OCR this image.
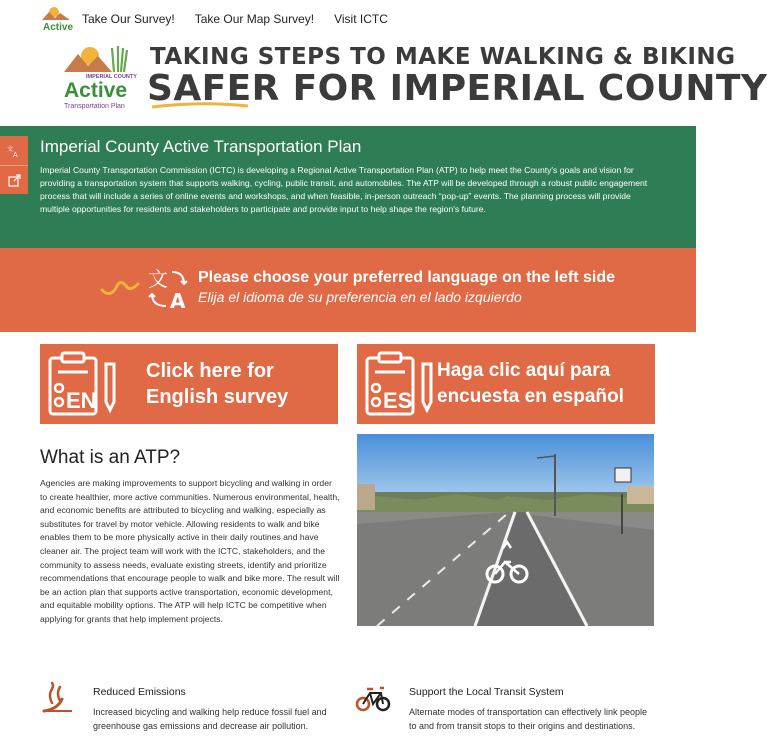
Active
Take Our Survey! Take Our Map Survey! Visit ICTC
IMPERIAL COUNTY
Active
Transportation Plan
TAKING STEPS TO MAKE WALKING & BIKING
SAFER FOR IMPERIAL COUNTY
文
A Imperial County Active Transportation Plan

Imperial County Transportation Commission (ICTC) is developing a Regional Active Transportation Plan (ATP) to help meet the County's goals and vision for providing a transportation system that supports walking, cycling, public transit, and automobiles. The ATP will be developed through a robust public engagement process that will include a series of online events and workshops, and when feasible, in-person outreach “pop-up” events. The planning process will provide multiple opportunities for residents and stakeholders to participate and provide input to help shape the region's future.

文
A
Please choose your preferred language on the left side
Elija el idioma de su preferencia en el lado izquierdo
EN
Click here for
English survey	ES
Haga clic aquí para
encuesta en español
What is an ATP?

Agencies are making improvements to support bicycling and walking in order to create healthier, more active communities. Numerous environmental, health, and economic benefits are attributed to bicycling and walking, especially as substitutes for travel by motor vehicle. Allowing residents to walk and bike enables them to be more physically active in their daily routines and have cleaner air. The project team will work with the ICTC, stakeholders, and the community to assess needs, evaluate existing streets, identify and prioritize recommendations that encourage people to walk and bike more. The result will be an action plan that supports active transportation, economic development, and equitable mobility options. The ATP will help ICTC be competitive when applying for grants that help implement projects.

Reduced Emissions
Increased bicycling and walking help reduce fossil fuel and greenhouse gas emissions and decrease air pollution.
Support the Local Transit System
Alternate modes of transportation can effectively link people to and from transit stops to their origins and destinations.
